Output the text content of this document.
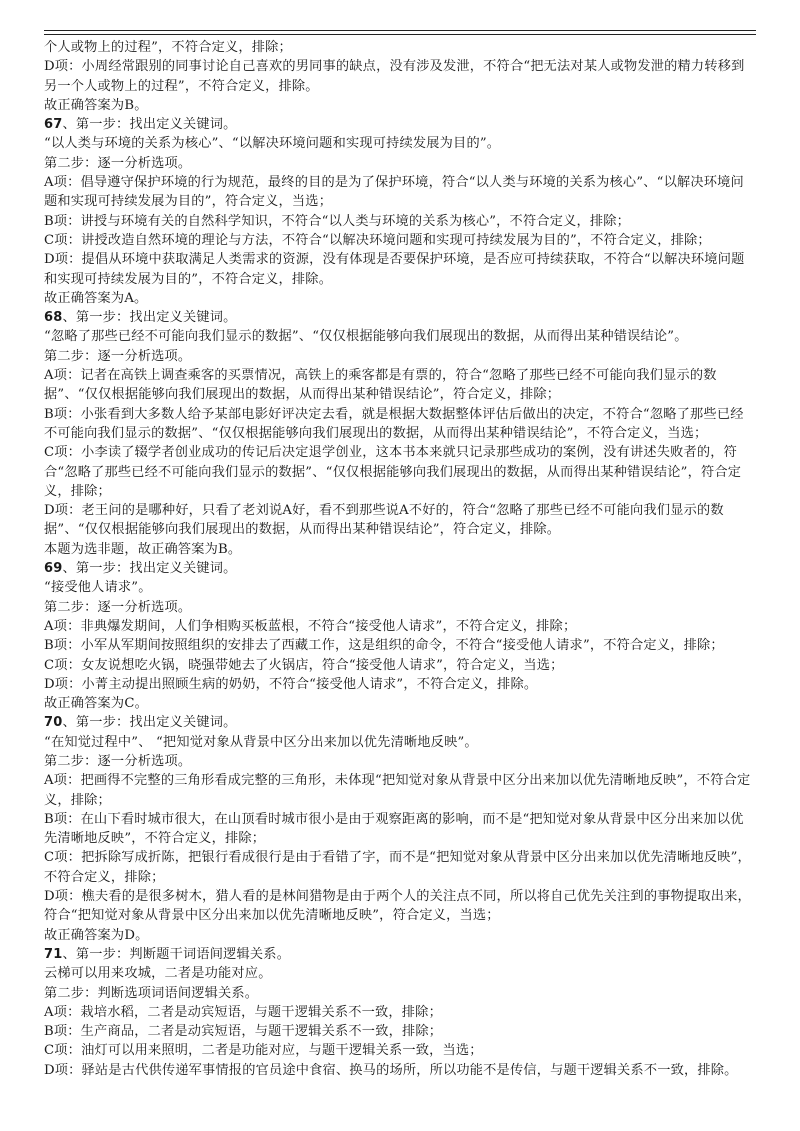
个人或物上的过程”，不符合定义，排除；

D项：小周经常跟别的同事讨论自己喜欢的男同事的缺点，没有涉及发泄，不符合“把无法对某人或物发泄的精力转移到另一个人或物上的过程”，不符合定义，排除。

故正确答案为B。

67、第一步：找出定义关键词。

“以人类与环境的关系为核心”、“以解决环境问题和实现可持续发展为目的”。

第二步：逐一分析选项。

A项：倡导遵守保护环境的行为规范，最终的目的是为了保护环境，符合“以人类与环境的关系为核心”、“以解决环境问题和实现可持续发展为目的”，符合定义，当选；

B项：讲授与环境有关的自然科学知识，不符合“以人类与环境的关系为核心”，不符合定义，排除；

C项：讲授改造自然环境的理论与方法，不符合“以解决环境问题和实现可持续发展为目的”，不符合定义，排除；

D项：提倡从环境中获取满足人类需求的资源，没有体现是否要保护环境，是否应可持续获取，不符合“以解决环境问题和实现可持续发展为目的”，不符合定义，排除。

故正确答案为A。

68、第一步：找出定义关键词。

“忽略了那些已经不可能向我们显示的数据”、“仅仅根据能够向我们展现出的数据，从而得出某种错误结论”。

第二步：逐一分析选项。

A项：记者在高铁上调查乘客的买票情况，高铁上的乘客都是有票的，符合“忽略了那些已经不可能向我们显示的数据”、“仅仅根据能够向我们展现出的数据，从而得出某种错误结论”，符合定义，排除；

B项：小张看到大多数人给予某部电影好评决定去看，就是根据大数据整体评估后做出的决定，不符合“忽略了那些已经不可能向我们显示的数据”、“仅仅根据能够向我们展现出的数据，从而得出某种错误结论”，不符合定义，当选；

C项：小李读了辍学者创业成功的传记后决定退学创业，这本书本来就只记录那些成功的案例，没有讲述失败者的，符合“忽略了那些已经不可能向我们显示的数据”、“仅仅根据能够向我们展现出的数据，从而得出某种错误结论”，符合定义，排除；

D项：老王问的是哪种好，只看了老刘说A好，看不到那些说A不好的，符合“忽略了那些已经不可能向我们显示的数据”、“仅仅根据能够向我们展现出的数据，从而得出某种错误结论”，符合定义，排除。

本题为选非题，故正确答案为B。

69、第一步：找出定义关键词。

“接受他人请求”。

第二步：逐一分析选项。

A项：非典爆发期间，人们争相购买板蓝根，不符合“接受他人请求”，不符合定义，排除；

B项：小军从军期间按照组织的安排去了西藏工作，这是组织的命令，不符合“接受他人请求”，不符合定义，排除；

C项：女友说想吃火锅，晓强带她去了火锅店，符合“接受他人请求”，符合定义，当选；

D项：小菁主动提出照顾生病的奶奶，不符合“接受他人请求”，不符合定义，排除。

故正确答案为C。

70、第一步：找出定义关键词。

“在知觉过程中”、 “把知觉对象从背景中区分出来加以优先清晰地反映”。

第二步：逐一分析选项。

A项：把画得不完整的三角形看成完整的三角形，未体现“把知觉对象从背景中区分出来加以优先清晰地反映”，不符合定义，排除；

B项：在山下看时城市很大，在山顶看时城市很小是由于观察距离的影响，而不是“把知觉对象从背景中区分出来加以优先清晰地反映”，不符合定义，排除；

C项：把拆除写成折陈，把银行看成很行是由于看错了字，而不是“把知觉对象从背景中区分出来加以优先清晰地反映”，不符合定义，排除；

D项：樵夫看的是很多树木，猎人看的是林间猎物是由于两个人的关注点不同，所以将自己优先关注到的事物提取出来，符合“把知觉对象从背景中区分出来加以优先清晰地反映”，符合定义，当选；

故正确答案为D。

71、第一步：判断题干词语间逻辑关系。

云梯可以用来攻城，二者是功能对应。

第二步：判断选项词语间逻辑关系。

A项：栽培水稻，二者是动宾短语，与题干逻辑关系不一致，排除；

B项：生产商品，二者是动宾短语，与题干逻辑关系不一致，排除；

C项：油灯可以用来照明，二者是功能对应，与题干逻辑关系一致，当选；

D项：驿站是古代供传递军事情报的官员途中食宿、换马的场所，所以功能不是传信，与题干逻辑关系不一致，排除。
